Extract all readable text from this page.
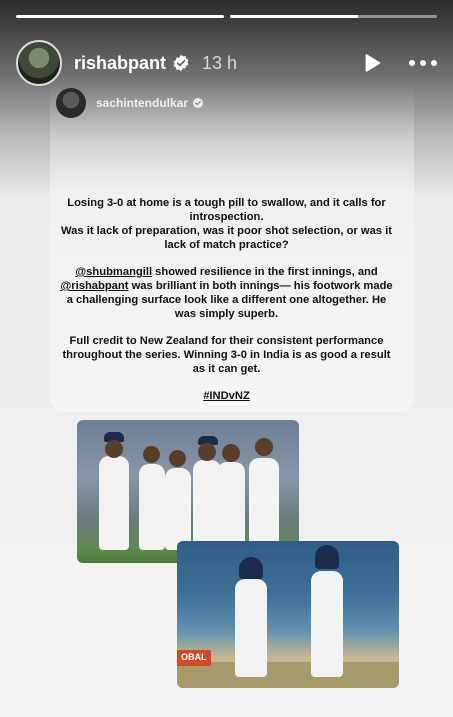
rishabpant 13 h
sachintendulkar

Losing 3-0 at home is a tough pill to swallow, and it calls for introspection.

Was it lack of preparation, was it poor shot selection, or was it lack of match practice?

@shubmangill showed resilience in the first innings, and @rishabpant was brilliant in both innings— his footwork made a challenging surface look like a different one altogether. He was simply superb.

Full credit to New Zealand for their consistent performance throughout the series. Winning 3-0 in India is as good a result as it can get.

#INDvNZ

OBAL
